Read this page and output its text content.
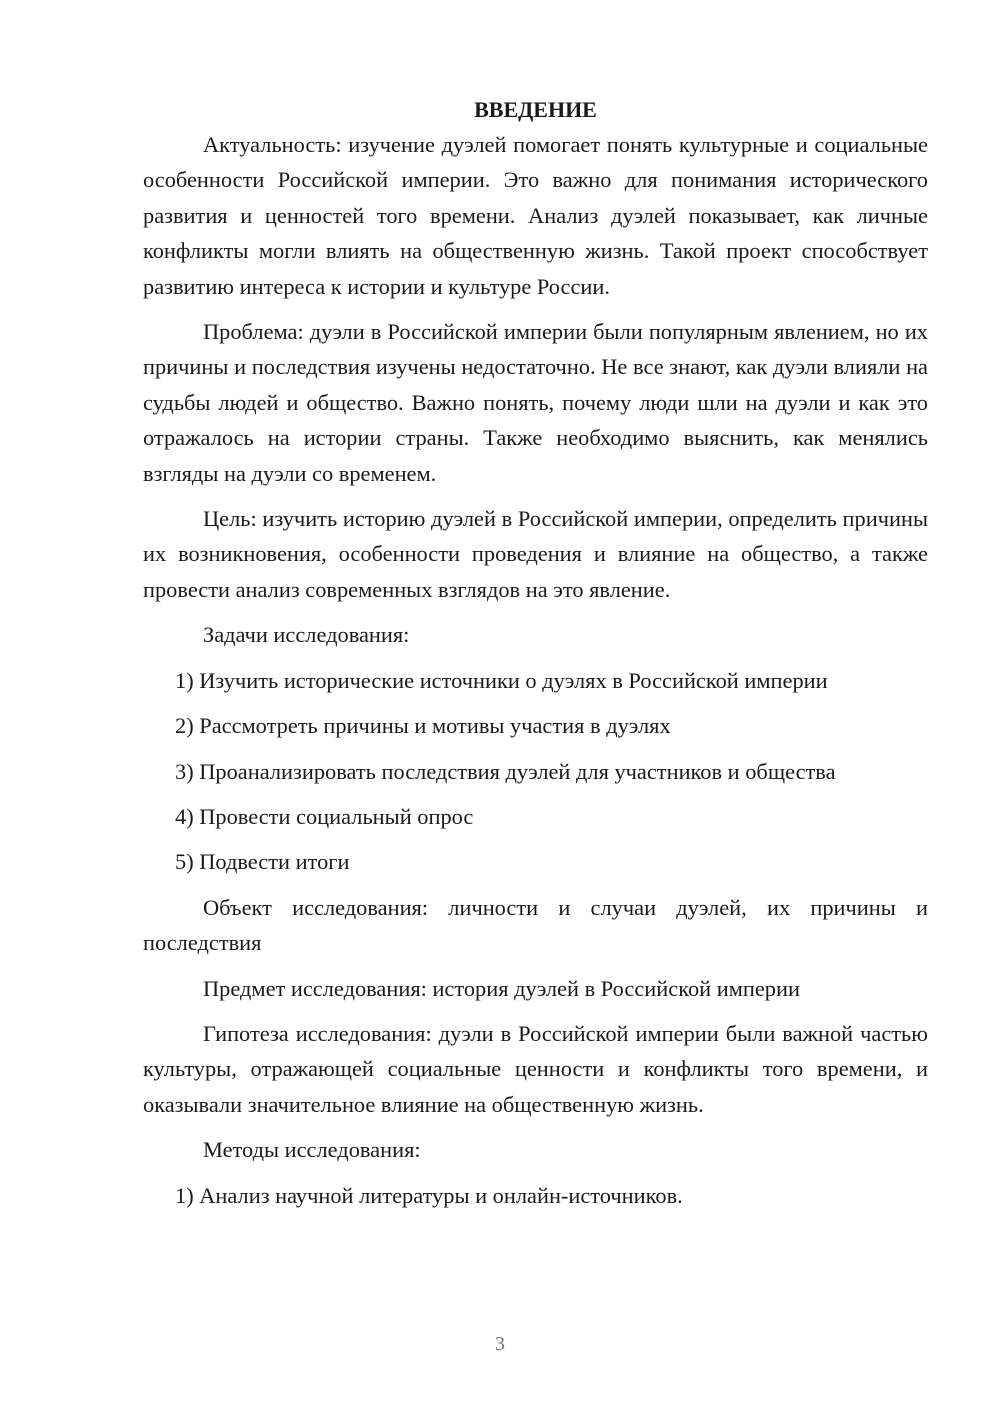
ВВЕДЕНИЕ

Актуальность: изучение дуэлей помогает понять культурные и социальные особенности Российской империи. Это важно для понимания исторического развития и ценностей того времени. Анализ дуэлей показывает, как личные конфликты могли влиять на общественную жизнь. Такой проект способствует развитию интереса к истории и культуре России.

Проблема: дуэли в Российской империи были популярным явлением, но их причины и последствия изучены недостаточно. Не все знают, как дуэли влияли на судьбы людей и общество. Важно понять, почему люди шли на дуэли и как это отражалось на истории страны. Также необходимо выяснить, как менялись взгляды на дуэли со временем.

Цель: изучить историю дуэлей в Российской империи, определить причины их возникновения, особенности проведения и влияние на общество, а также провести анализ современных взглядов на это явление.

Задачи исследования:
1) Изучить исторические источники о дуэлях в Российской империи
2) Рассмотреть причины и мотивы участия в дуэлях
3) Проанализировать последствия дуэлей для участников и общества
4) Провести социальный опрос
5) Подвести итоги

Объект исследования: личности и случаи дуэлей, их причины и последствия

Предмет исследования: история дуэлей в Российской империи

Гипотеза исследования: дуэли в Российской империи были важной частью культуры, отражающей социальные ценности и конфликты того времени, и оказывали значительное влияние на общественную жизнь.

Методы исследования:
1) Анализ научной литературы и онлайн-источников.
3
